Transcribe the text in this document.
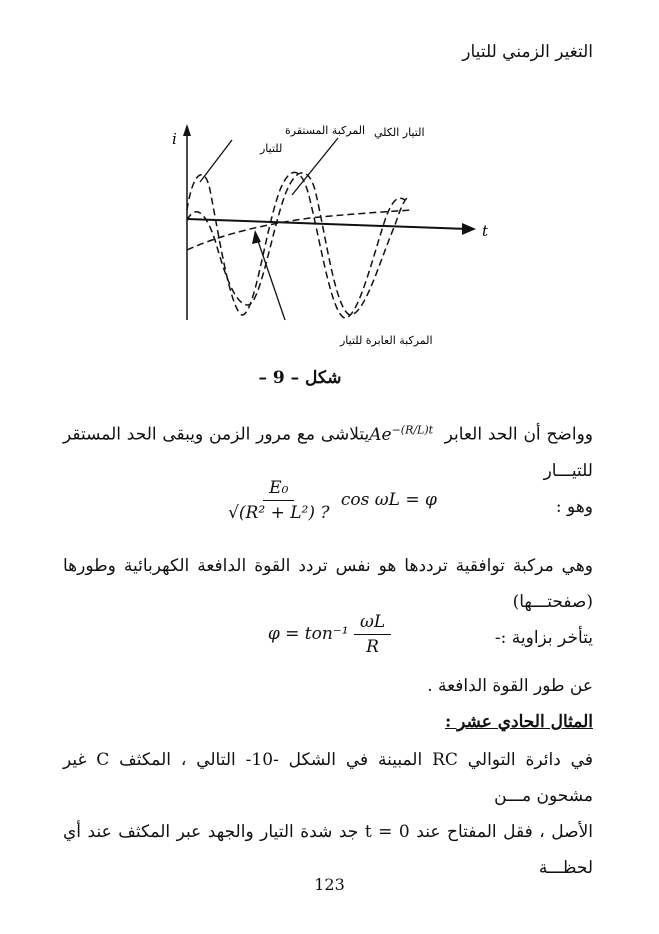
التغير الزمني للتيار
i
t
المركبة المستقرة
للتيار
التيار الكلي
المركبة العابرة للتيار
شكل – 9 –
وواضح أن الحد العابر $Ae^{-(R/L)t}$ يتلاشى مع مرور الزمن ويبقى الحد المستقر للتيـــار
وهو :
$\frac{\text{E₀}}{\text{√(R² + L²) ?}}$ cos ωL = φ
وهي مركبة توافقية ترددها هو نفس تردد القوة الدافعة الكهربائية وطورها (صفحتـــها)
يتأخر بزاوية :-
$\varphi = ton^{-1} \frac{\omega L}{R}$
عن طور القوة الدافعة .
المثال الحادي عشر :
في دائرة التوالي RC المبينة في الشكل -10- التالي ، المكثف C غير مشحون مـــن
الأصل ، فقل المفتاح عند t = 0 جد شدة التيار والجهد عبر المكثف عند أي لحظـــة
123
